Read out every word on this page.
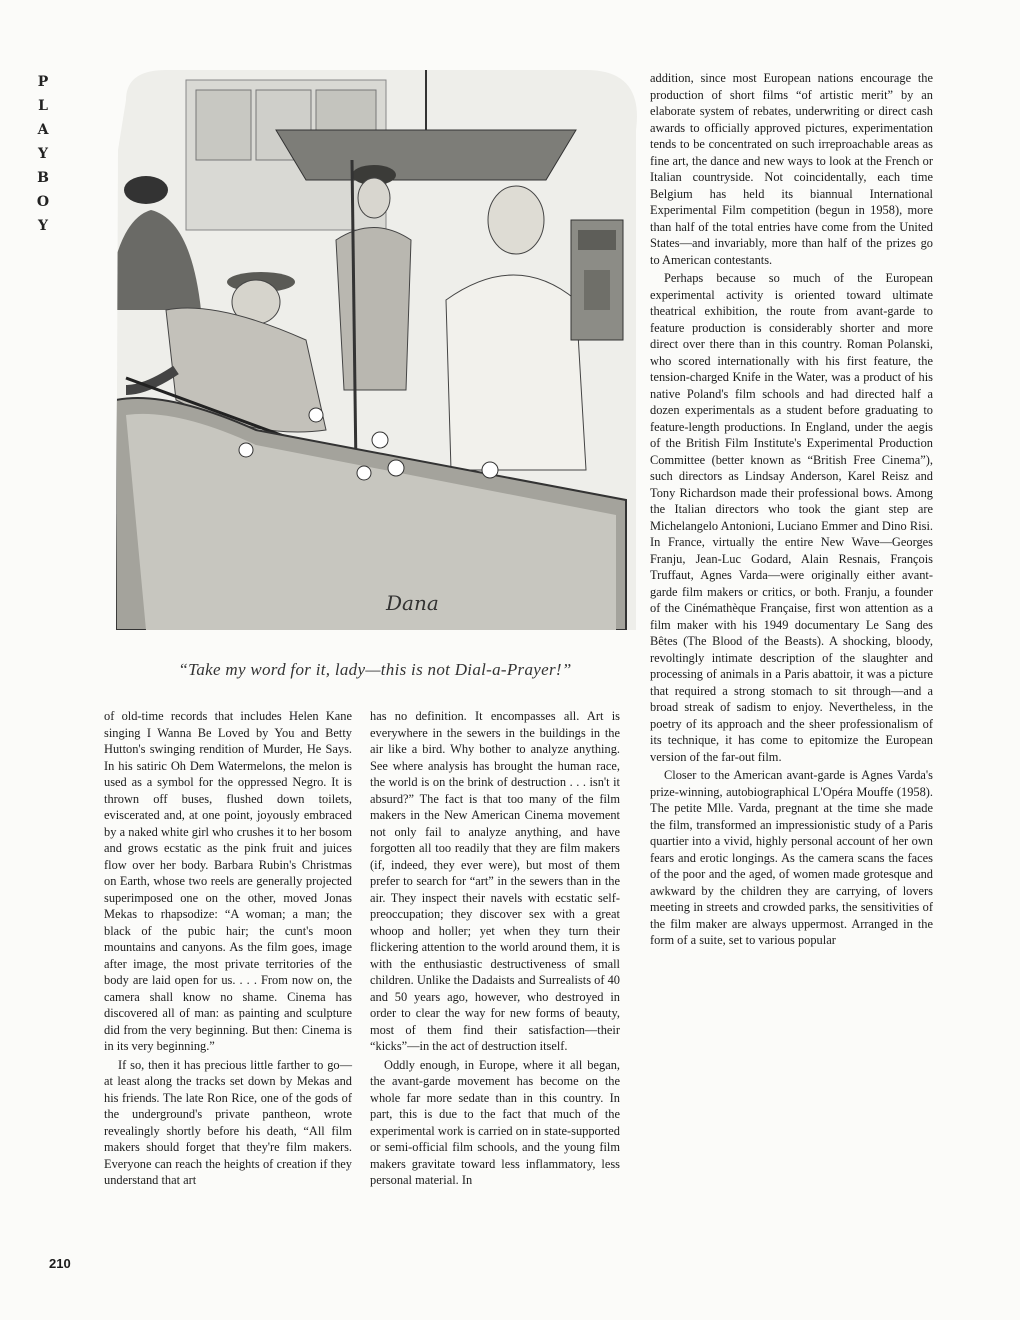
P
L
A
Y
B
O
Y
Dana
“Take my word for it, lady—this is not Dial-a-Prayer!”

of old-time records that includes Helen Kane singing I Wanna Be Loved by You and Betty Hutton's swinging rendition of Murder, He Says. In his satiric Oh Dem Watermelons, the melon is used as a symbol for the oppressed Negro. It is thrown off buses, flushed down toilets, eviscerated and, at one point, joyously embraced by a naked white girl who crushes it to her bosom and grows ecstatic as the pink fruit and juices flow over her body. Barbara Rubin's Christmas on Earth, whose two reels are generally projected superimposed one on the other, moved Jonas Mekas to rhapsodize: “A woman; a man; the black of the pubic hair; the cunt's moon mountains and canyons. As the film goes, image after image, the most private territories of the body are laid open for us. . . . From now on, the camera shall know no shame. Cinema has discovered all of man: as painting and sculpture did from the very beginning. But then: Cinema is in its very beginning.”

If so, then it has precious little farther to go—at least along the tracks set down by Mekas and his friends. The late Ron Rice, one of the gods of the underground's private pantheon, wrote revealingly shortly before his death, “All film makers should forget that they're film makers. Everyone can reach the heights of creation if they understand that art

has no definition. It encompasses all. Art is everywhere in the sewers in the buildings in the air like a bird. Why bother to analyze anything. See where analysis has brought the human race, the world is on the brink of destruction . . . isn't it absurd?” The fact is that too many of the film makers in the New American Cinema movement not only fail to analyze anything, and have forgotten all too readily that they are film makers (if, indeed, they ever were), but most of them prefer to search for “art” in the sewers than in the air. They inspect their navels with ecstatic self-preoccupation; they discover sex with a great whoop and holler; yet when they turn their flickering attention to the world around them, it is with the enthusiastic destructiveness of small children. Unlike the Dadaists and Surrealists of 40 and 50 years ago, however, who destroyed in order to clear the way for new forms of beauty, most of them find their satisfaction—their “kicks”—in the act of destruction itself.

Oddly enough, in Europe, where it all began, the avant-garde movement has become on the whole far more sedate than in this country. In part, this is due to the fact that much of the experimental work is carried on in state-supported or semi-official film schools, and the young film makers gravitate toward less inflammatory, less personal material. In

addition, since most European nations encourage the production of short films “of artistic merit” by an elaborate system of rebates, underwriting or direct cash awards to officially approved pictures, experimentation tends to be concentrated on such irreproachable areas as fine art, the dance and new ways to look at the French or Italian countryside. Not coincidentally, each time Belgium has held its biannual International Experimental Film competition (begun in 1958), more than half of the total entries have come from the United States—and invariably, more than half of the prizes go to American contestants.

Perhaps because so much of the European experimental activity is oriented toward ultimate theatrical exhibition, the route from avant-garde to feature production is considerably shorter and more direct over there than in this country. Roman Polanski, who scored internationally with his first feature, the tension-charged Knife in the Water, was a product of his native Poland's film schools and had directed half a dozen experimentals as a student before graduating to feature-length productions. In England, under the aegis of the British Film Institute's Experimental Production Committee (better known as “British Free Cinema”), such directors as Lindsay Anderson, Karel Reisz and Tony Richardson made their professional bows. Among the Italian directors who took the giant step are Michelangelo Antonioni, Luciano Emmer and Dino Risi. In France, virtually the entire New Wave—Georges Franju, Jean-Luc Godard, Alain Resnais, François Truffaut, Agnes Varda—were originally either avant-garde film makers or critics, or both. Franju, a founder of the Cinémathèque Française, first won attention as a film maker with his 1949 documentary Le Sang des Bêtes (The Blood of the Beasts). A shocking, bloody, revoltingly intimate description of the slaughter and processing of animals in a Paris abattoir, it was a picture that required a strong stomach to sit through—and a broad streak of sadism to enjoy. Nevertheless, in the poetry of its approach and the sheer professionalism of its technique, it has come to epitomize the European version of the far-out film.

Closer to the American avant-garde is Agnes Varda's prize-winning, autobiographical L'Opéra Mouffe (1958). The petite Mlle. Varda, pregnant at the time she made the film, transformed an impressionistic study of a Paris quartier into a vivid, highly personal account of her own fears and erotic longings. As the camera scans the faces of the poor and the aged, of women made grotesque and awkward by the children they are carrying, of lovers meeting in streets and crowded parks, the sensitivities of the film maker are always uppermost. Arranged in the form of a suite, set to various popular

210
